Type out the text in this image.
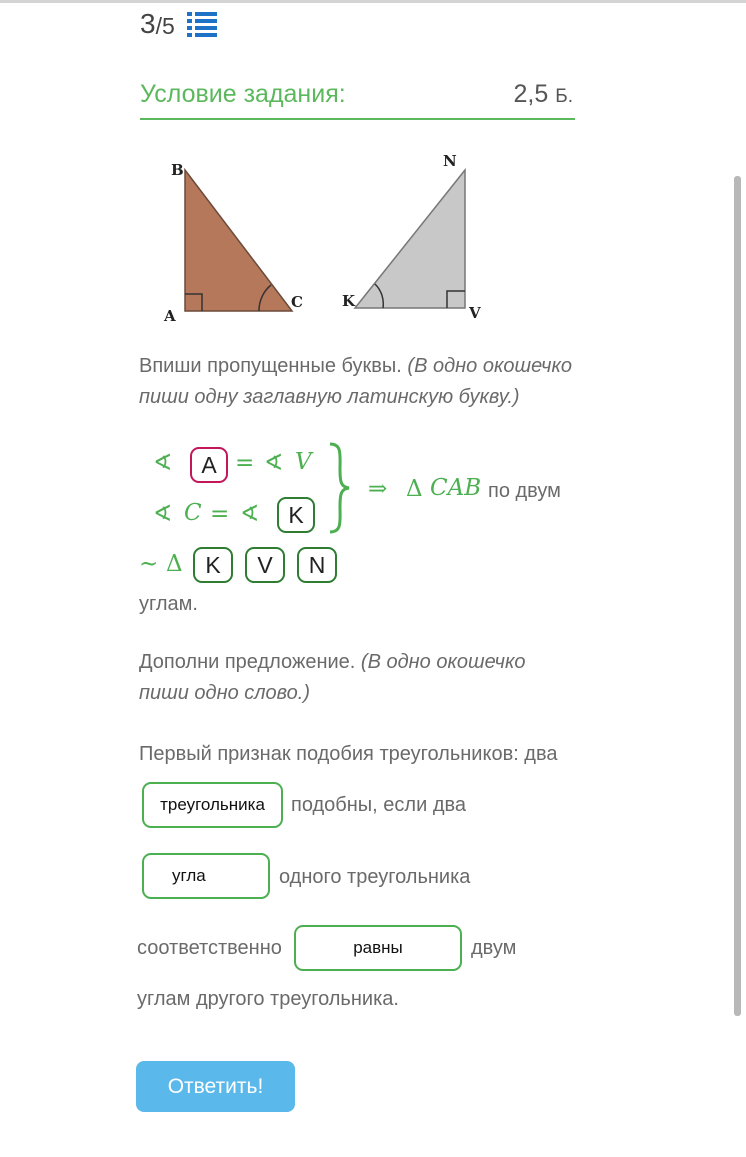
3 /5
Условие задания:	2,5 Б.
B
A
C
N
K
V
Впиши пропущенные буквы. (В одно окошечко
пиши одну заглавную латинскую букву.)
∢	A = ∢ V
∢ C = ∢	K
⇒ Δ CAB по двум
~ Δ K	V	N
углам.
Дополни предложение. (В одно окошечко
пиши одно слово.)
Первый признак подобия треугольников: два
треугольника	подобны, если два
угла	одного треугольника
соответственно	равны	двум
углам другого треугольника.
Ответить!
